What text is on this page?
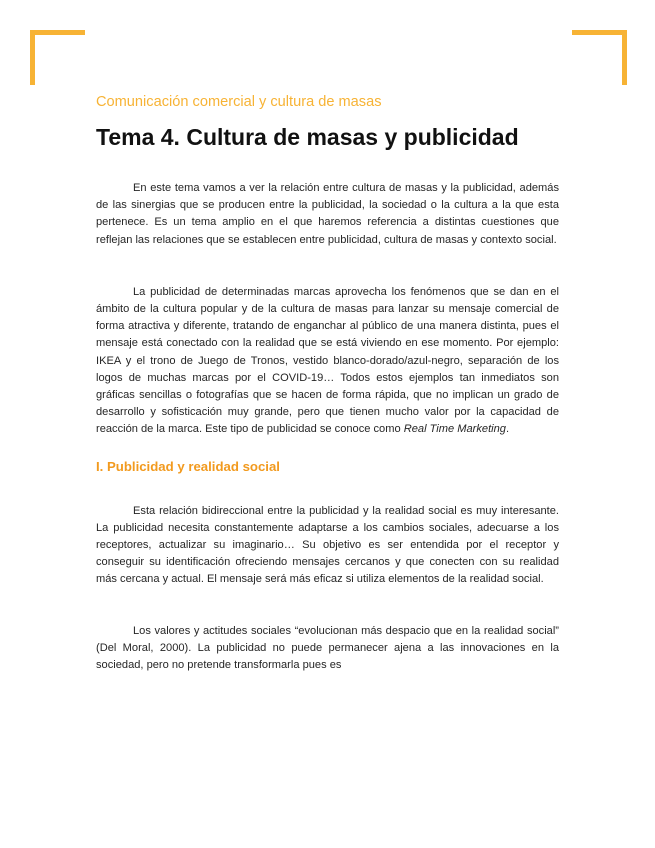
Comunicación comercial y cultura de masas
Tema 4. Cultura de masas y publicidad

En este tema vamos a ver la relación entre cultura de masas y la publicidad, además de las sinergias que se producen entre la publicidad, la sociedad o la cultura a la que esta pertenece. Es un tema amplio en el que haremos referencia a distintas cuestiones que reflejan las relaciones que se establecen entre publicidad, cultura de masas y contexto social.

La publicidad de determinadas marcas aprovecha los fenómenos que se dan en el ámbito de la cultura popular y de la cultura de masas para lanzar su mensaje comercial de forma atractiva y diferente, tratando de enganchar al público de una manera distinta, pues el mensaje está conectado con la realidad que se está viviendo en ese momento. Por ejemplo: IKEA y el trono de Juego de Tronos, vestido blanco-dorado/azul-negro, separación de los logos de muchas marcas por el COVID-19… Todos estos ejemplos tan inmediatos son gráficas sencillas o fotografías que se hacen de forma rápida, que no implican un grado de desarrollo y sofisticación muy grande, pero que tienen mucho valor por la capacidad de reacción de la marca. Este tipo de publicidad se conoce como Real Time Marketing.

I. Publicidad y realidad social

Esta relación bidireccional entre la publicidad y la realidad social es muy interesante. La publicidad necesita constantemente adaptarse a los cambios sociales, adecuarse a los receptores, actualizar su imaginario… Su objetivo es ser entendida por el receptor y conseguir su identificación ofreciendo mensajes cercanos y que conecten con su realidad más cercana y actual. El mensaje será más eficaz si utiliza elementos de la realidad social.

Los valores y actitudes sociales “evolucionan más despacio que en la realidad social” (Del Moral, 2000). La publicidad no puede permanecer ajena a las innovaciones en la sociedad, pero no pretende transformarla pues es
